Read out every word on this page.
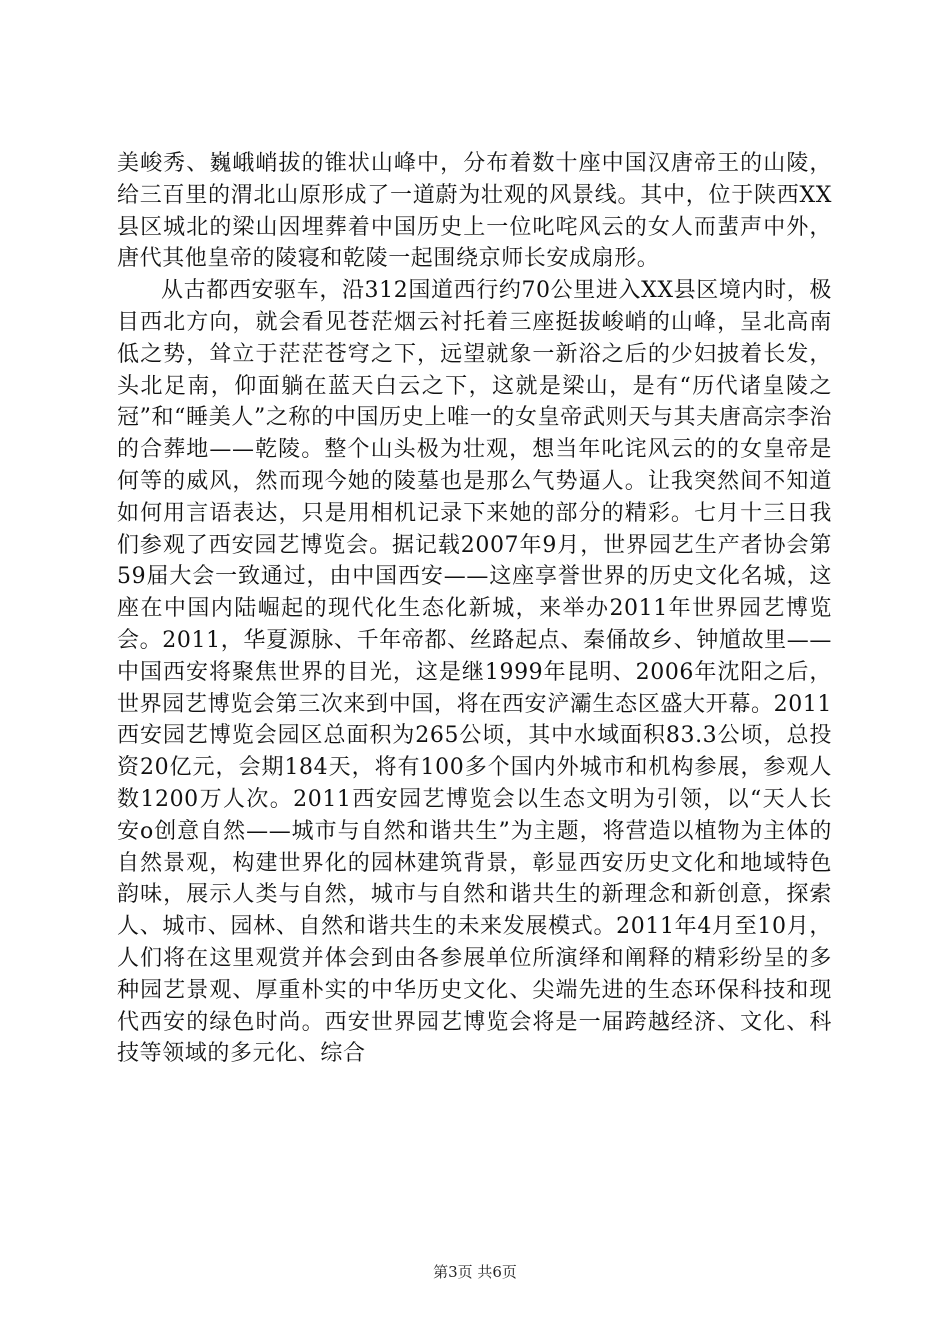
美峻秀、巍峨峭拔的锥状山峰中，分布着数十座中国汉唐帝王的山陵，给三百里的渭北山原形成了一道蔚为壮观的风景线。其中，位于陕西XX县区城北的梁山因埋葬着中国历史上一位叱咤风云的女人而蜚声中外，唐代其他皇帝的陵寝和乾陵一起围绕京师长安成扇形。

从古都西安驱车，沿312国道西行约70公里进入XX县区境内时，极目西北方向，就会看见苍茫烟云衬托着三座挺拔峻峭的山峰，呈北高南低之势，耸立于茫茫苍穹之下，远望就象一新浴之后的少妇披着长发，头北足南，仰面躺在蓝天白云之下，这就是梁山，是有“历代诸皇陵之冠”和“睡美人”之称的中国历史上唯一的女皇帝武则天与其夫唐高宗李治的合葬地——乾陵。整个山头极为壮观，想当年叱诧风云的的女皇帝是何等的威风，然而现今她的陵墓也是那么气势逼人。让我突然间不知道如何用言语表达，只是用相机记录下来她的部分的精彩。七月十三日我们参观了西安园艺博览会。据记载2007年9月，世界园艺生产者协会第59届大会一致通过，由中国西安——这座享誉世界的历史文化名城，这座在中国内陆崛起的现代化生态化新城，来举办2011年世界园艺博览会。2011，华夏源脉、千年帝都、丝路起点、秦俑故乡、钟馗故里——中国西安将聚焦世界的目光，这是继1999年昆明、2006年沈阳之后，世界园艺博览会第三次来到中国，将在西安浐灞生态区盛大开幕。2011西安园艺博览会园区总面积为265公顷，其中水域面积83.3公顷，总投资20亿元，会期184天，将有100多个国内外城市和机构参展，参观人数1200万人次。2011西安园艺博览会以生态文明为引领，以“天人长安o创意自然——城市与自然和谐共生”为主题，将营造以植物为主体的自然景观，构建世界化的园林建筑背景，彰显西安历史文化和地域特色韵味，展示人类与自然，城市与自然和谐共生的新理念和新创意，探索人、城市、园林、自然和谐共生的未来发展模式。2011年4月至10月，人们将在这里观赏并体会到由各参展单位所演绎和阐释的精彩纷呈的多种园艺景观、厚重朴实的中华历史文化、尖端先进的生态环保科技和现代西安的绿色时尚。西安世界园艺博览会将是一届跨越经济、文化、科技等领域的多元化、综合

第3页 共6页
